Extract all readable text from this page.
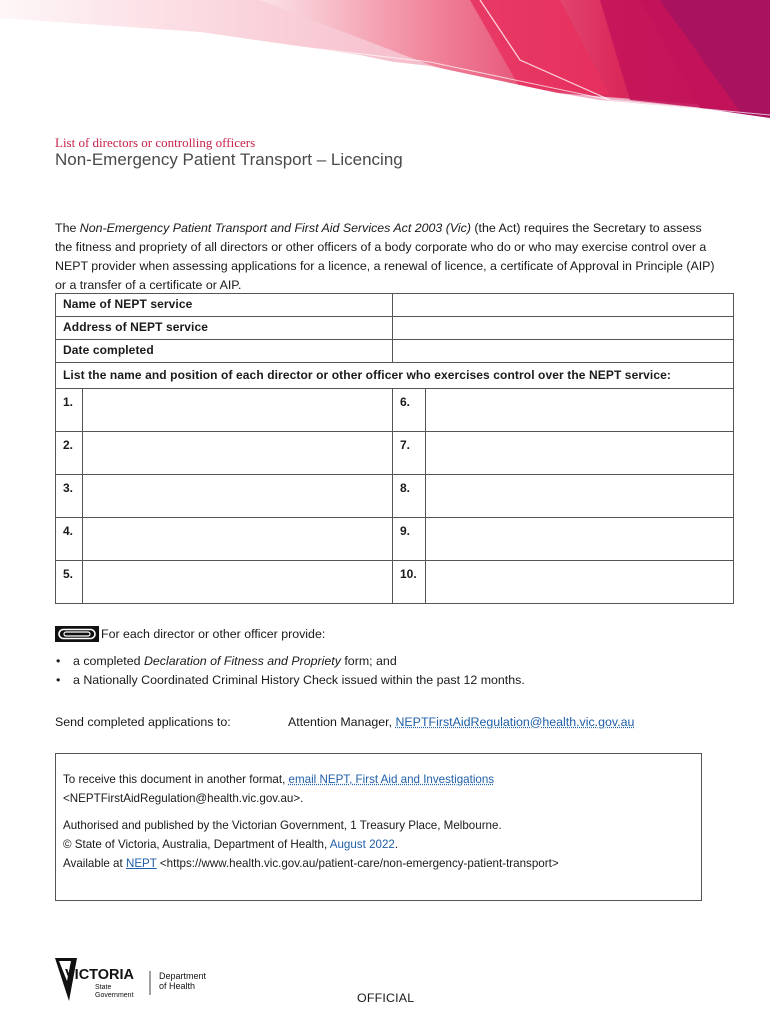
List of directors or controlling officers
Non-Emergency Patient Transport – Licencing
The Non-Emergency Patient Transport and First Aid Services Act 2003 (Vic) (the Act) requires the Secretary to assess the fitness and propriety of all directors or other officers of a body corporate who do or who may exercise control over a NEPT provider when assessing applications for a licence, a renewal of licence, a certificate of Approval in Principle (AIP) or a transfer of a certificate or AIP.
Name of NEPT service			
Address of NEPT service			
Date completed			
List the name and position of each director or other officer who exercises control over the NEPT service:			
1.		6.	
2.		7.	
3.		8.	
4.		9.	
5.		10.	
For each director or other officer provide:
• a completed Declaration of Fitness and Propriety form; and
• a Nationally Coordinated Criminal History Check issued within the past 12 months.
Send completed applications to:	Attention Manager, NEPTFirstAidRegulation@health.vic.gov.au

To receive this document in another format, email NEPT, First Aid and Investigations

<NEPTFirstAidRegulation@health.vic.gov.au>.

Authorised and published by the Victorian Government, 1 Treasury Place, Melbourne.

© State of Victoria, Australia, Department of Health, August 2022.

Available at NEPT <https://www.health.vic.gov.au/patient-care/non-emergency-patient-transport>

VICTORIA
State
Government
Department
of Health
OFFICIAL
